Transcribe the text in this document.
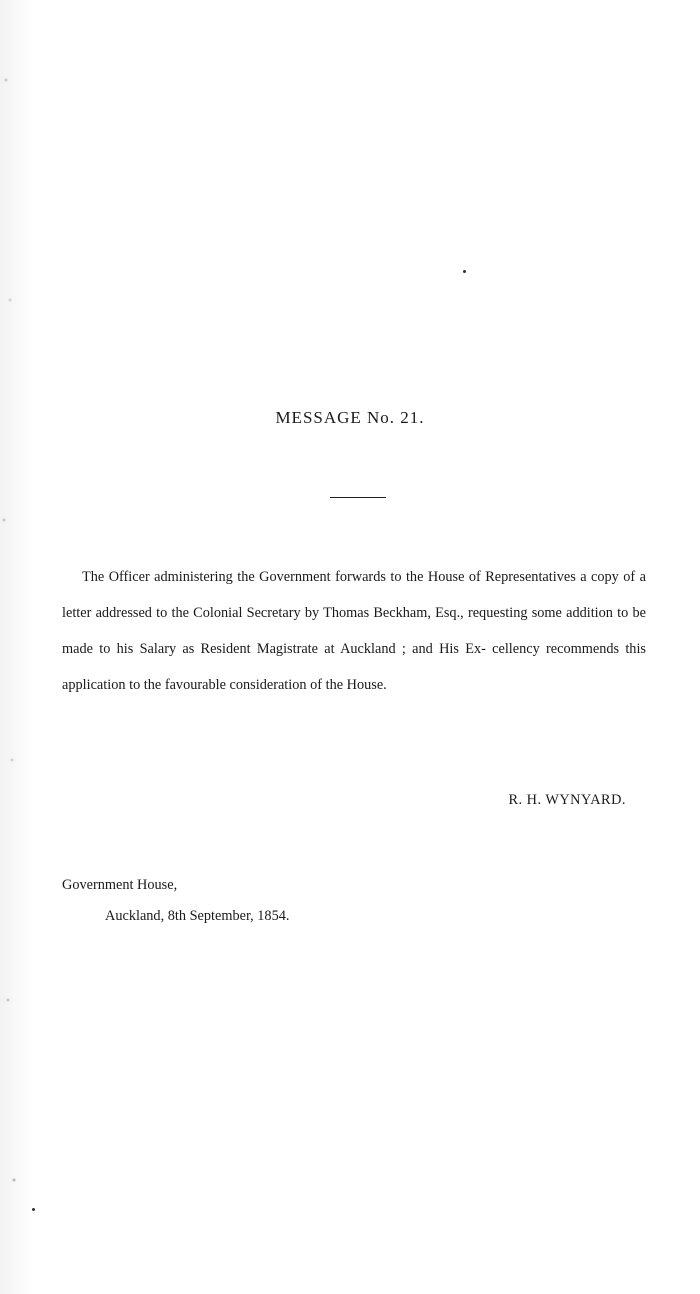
MESSAGE No. 21.

The Officer administering the Government forwards to the House of Representatives a copy of a letter addressed to the Colonial Secretary by Thomas Beckham, Esq., requesting some addition to be made to his Salary as Resident Magistrate at Auckland ; and His Ex- cellency recommends this application to the favourable consideration of the House.

R. H. WYNYARD.
Government House,
Auckland, 8th September, 1854.
